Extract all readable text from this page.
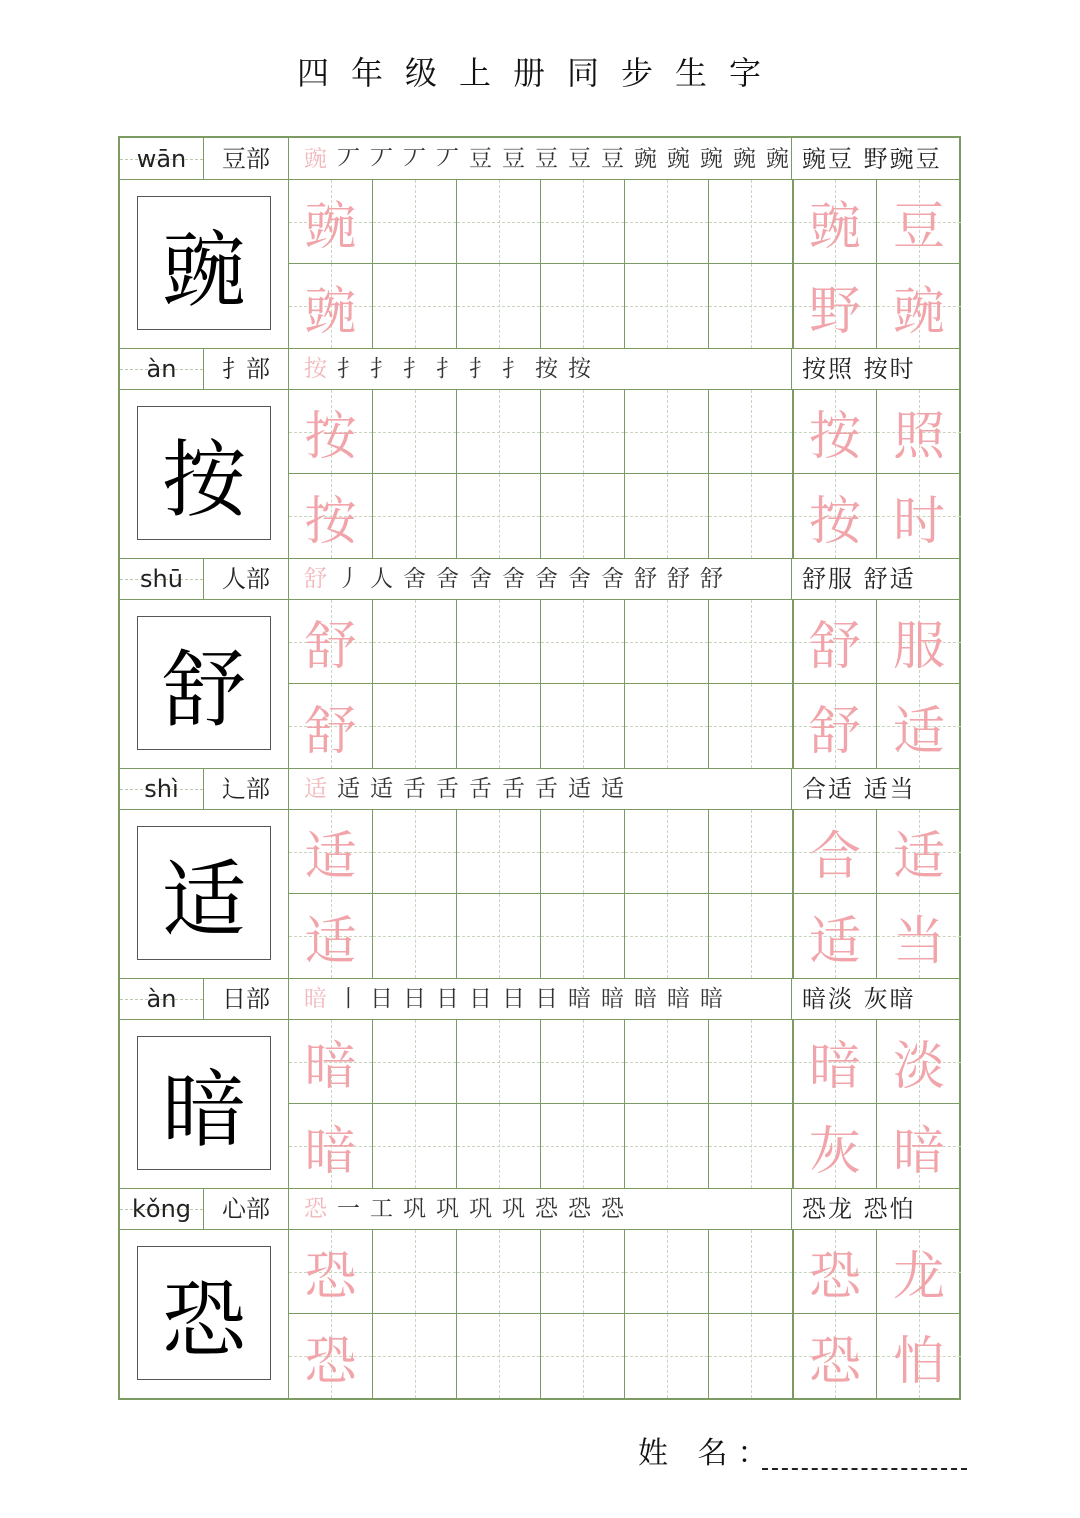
四年级上册同步生字
wān	豆部	豌 丆 丆 丆 丆 豆 豆 豆 豆 豆 豌 豌 豌 豌 豌 豌豆 野豌豆
豌	豌	豌 豆
豌	野 豌
àn	扌部	按 扌 扌 扌 扌 扌 扌 按 按	按照 按时
按	按	按 照
按	按 时
shū	人部	舒 丿 人 舍 舍 舍 舍 舍 舍 舍 舒 舒 舒	舒服 舒适
舒	舒	舒 服
舒	舒 适
shì	辶部	适 适 适 舌 舌 舌 舌 舌 适 适	合适 适当
适	适	合 适
适	适 当
àn	日部	暗 丨 日 日 日 日 日 日 暗 暗 暗 暗 暗	暗淡 灰暗
暗	暗	暗 淡
暗	灰 暗
kǒng	心部	恐 一 工 巩 巩 巩 巩 恐 恐 恐	恐龙 恐怕
恐	恐	恐 龙
恐	恐 怕
姓 名：
